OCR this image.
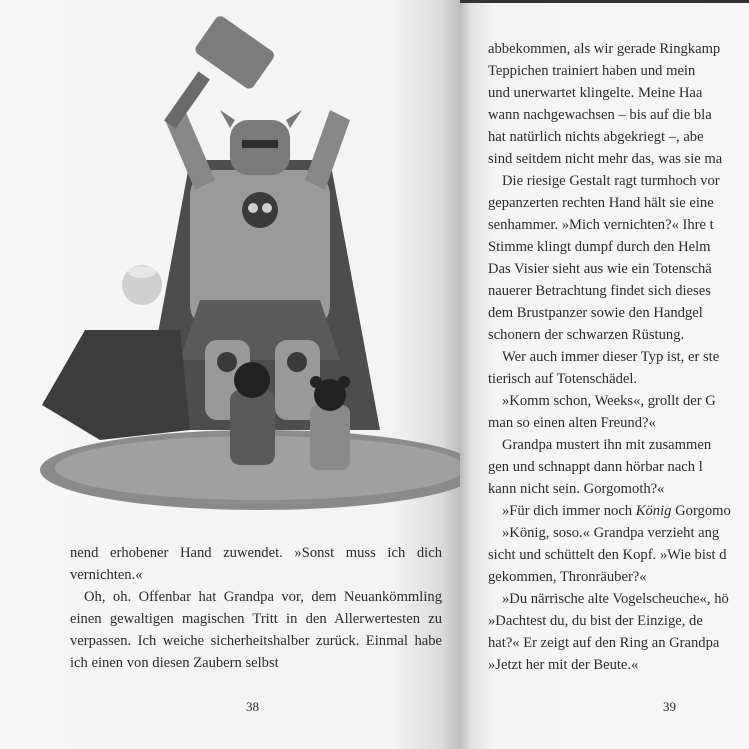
nend erhobener Hand zuwendet. »Sonst muss ich dich vernichten.«

Oh, oh. Offenbar hat Grandpa vor, dem Neuankömmling einen gewaltigen magischen Tritt in den Allerwertesten zu verpassen. Ich weiche sicherheitshalber zurück. Einmal habe ich einen von diesen Zaubern selbst

38

abbekommen, als wir gerade Ringkamp

Teppichen trainiert haben und mein

und unerwartet klingelte. Meine Haa

wann nachgewachsen – bis auf die bla

hat natürlich nichts abgekriegt –, abe

sind seitdem nicht mehr das, was sie ma

Die riesige Gestalt ragt turmhoch vor

gepanzerten rechten Hand hält sie eine

senhammer. »Mich vernichten?« Ihre t

Stimme klingt dumpf durch den Helm

Das Visier sieht aus wie ein Totenschä

nauerer Betrachtung findet sich dieses

dem Brustpanzer sowie den Handgel

schonern der schwarzen Rüstung.

Wer auch immer dieser Typ ist, er ste

tierisch auf Totenschädel.

»Komm schon, Weeks«, grollt der G

man so einen alten Freund?«

Grandpa mustert ihn mit zusammen

gen und schnappt dann hörbar nach l

kann nicht sein. Gorgomoth?«

»Für dich immer noch König Gorgomo

»König, soso.« Grandpa verzieht ang

sicht und schüttelt den Kopf. »Wie bist d

gekommen, Thronräuber?«

»Du närrische alte Vogelscheuche«, hö

»Dachtest du, du bist der Einzige, de

hat?« Er zeigt auf den Ring an Grandpa

»Jetzt her mit der Beute.«

39
